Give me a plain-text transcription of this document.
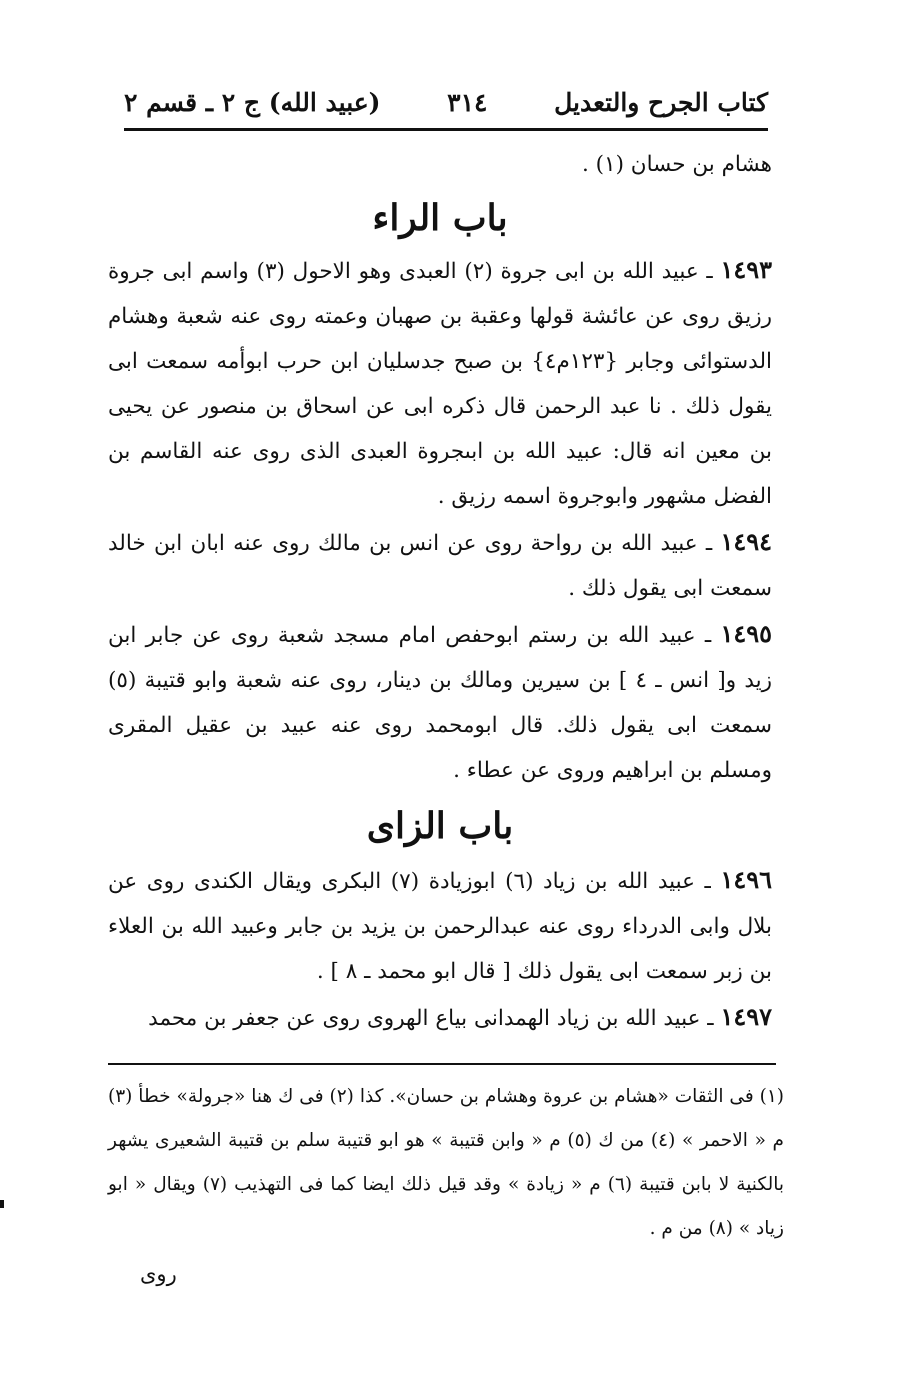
كتاب الجرح والتعديل
٣١٤
(عبيد الله) ج ٢ ـ قسم ٢

هشام بن حسان (١) .

باب الراء

١٤٩٣ ـ عبيد الله بن ابى جروة (٢) العبدى وهو الاحول (٣) واسم ابى جروة رزيق روى عن عائشة قولها وعقبة بن صهبان وعمته روى عنه شعبة وهشام الدستوائى وجابر {١٢٣م٤} بن صبح جدسليان ابن حرب ابوأمه سمعت ابى يقول ذلك . نا عبد الرحمن قال ذكره ابى عن اسحاق بن منصور عن يحيى بن معين انه قال: عبيد الله بن ابىجروة العبدى الذى روى عنه القاسم بن الفضل مشهور وابوجروة اسمه رزيق .

١٤٩٤ ـ عبيد الله بن رواحة روى عن انس بن مالك روى عنه ابان ابن خالد سمعت ابى يقول ذلك .

١٤٩٥ ـ عبيد الله بن رستم ابوحفص امام مسجد شعبة روى عن جابر ابن زيد و[ انس ـ ٤ ] بن سيرين ومالك بن دينار، روى عنه شعبة وابو قتيبة (٥) سمعت ابى يقول ذلك. قال ابومحمد روى عنه عبيد بن عقيل المقرى ومسلم بن ابراهيم وروى عن عطاء .

باب الزاى

١٤٩٦ ـ عبيد الله بن زياد (٦) ابوزيادة (٧) البكرى ويقال الكندى روى عن بلال وابى الدرداء روى عنه عبدالرحمن بن يزيد بن جابر وعبيد الله بن العلاء بن زبر سمعت ابى يقول ذلك [ قال ابو محمد ـ ٨ ] .

١٤٩٧ ـ عبيد الله بن زياد الهمدانى بياع الهروى روى عن جعفر بن محمد

(١) فى الثقات «هشام بن عروة وهشام بن حسان». كذا (٢) فى ك هنا «جرولة» خطأ (٣) م « الاحمر » (٤) من ك (٥) م « وابن قتيبة » هو ابو قتيبة سلم بن قتيبة الشعيرى يشهر بالكنية لا بابن قتيبة (٦) م « زيادة » وقد قيل ذلك ايضا كما فى التهذيب (٧) ويقال « ابو زياد » (٨) من م .

روى
